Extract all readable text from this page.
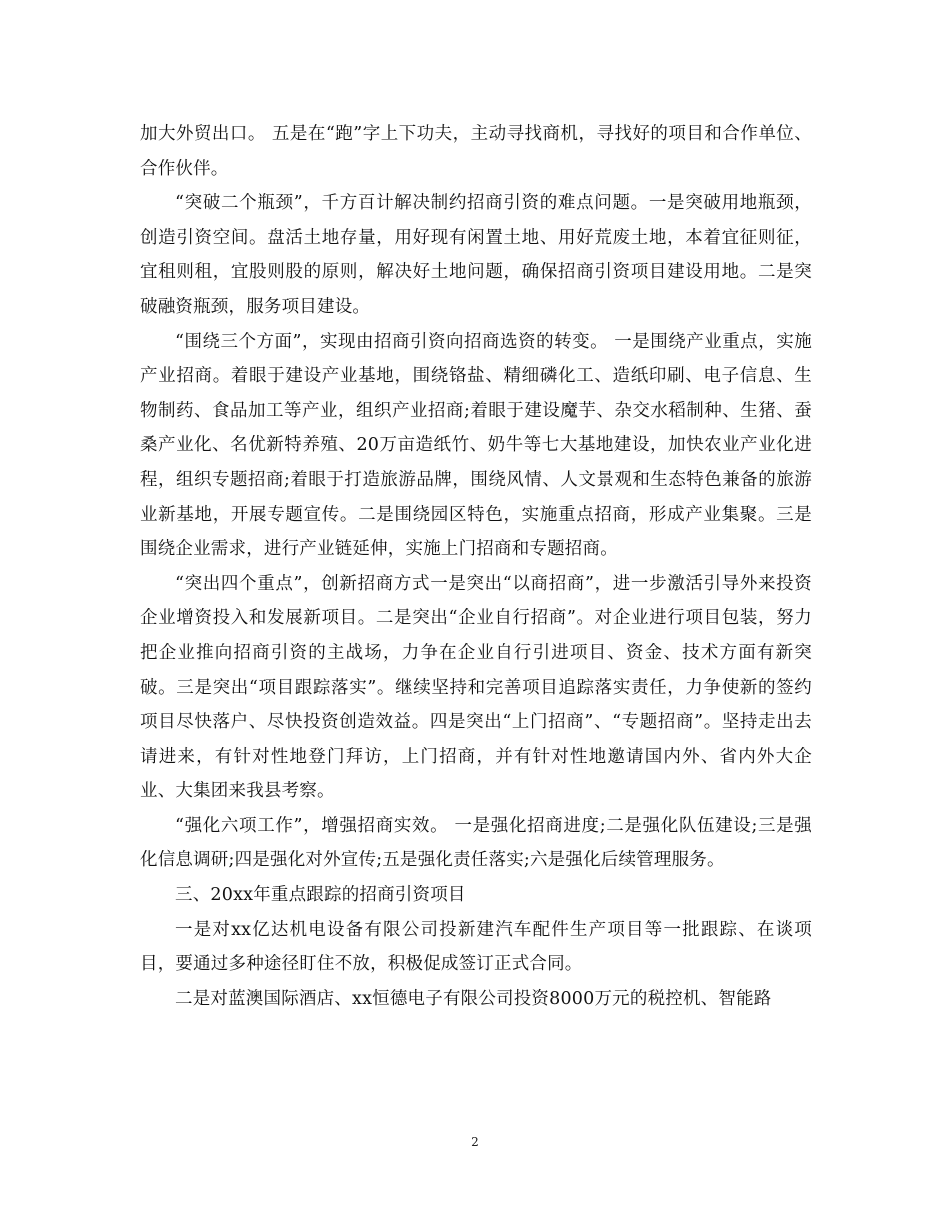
加大外贸出口。 五是在“跑”字上下功夫，主动寻找商机，寻找好的项目和合作单位、合作伙伴。

“突破二个瓶颈”，千方百计解决制约招商引资的难点问题。一是突破用地瓶颈，创造引资空间。盘活土地存量，用好现有闲置土地、用好荒废土地，本着宜征则征，宜租则租，宜股则股的原则，解决好土地问题，确保招商引资项目建设用地。二是突破融资瓶颈，服务项目建设。

“围绕三个方面”，实现由招商引资向招商选资的转变。 一是围绕产业重点，实施产业招商。着眼于建设产业基地，围绕铬盐、精细磷化工、造纸印刷、电子信息、生物制药、食品加工等产业，组织产业招商;着眼于建设魔芋、杂交水稻制种、生猪、蚕桑产业化、名优新特养殖、20万亩造纸竹、奶牛等七大基地建设，加快农业产业化进程，组织专题招商;着眼于打造旅游品牌，围绕风情、人文景观和生态特色兼备的旅游业新基地，开展专题宣传。二是围绕园区特色，实施重点招商，形成产业集聚。三是围绕企业需求，进行产业链延伸，实施上门招商和专题招商。

“突出四个重点”，创新招商方式一是突出“以商招商”，进一步激活引导外来投资企业增资投入和发展新项目。二是突出“企业自行招商”。对企业进行项目包装，努力把企业推向招商引资的主战场，力争在企业自行引进项目、资金、技术方面有新突破。三是突出“项目跟踪落实”。继续坚持和完善项目追踪落实责任，力争使新的签约项目尽快落户、尽快投资创造效益。四是突出“上门招商”、“专题招商”。坚持走出去请进来，有针对性地登门拜访，上门招商，并有针对性地邀请国内外、省内外大企业、大集团来我县考察。

“强化六项工作”，增强招商实效。 一是强化招商进度;二是强化队伍建设;三是强化信息调研;四是强化对外宣传;五是强化责任落实;六是强化后续管理服务。

三、20xx年重点跟踪的招商引资项目

一是对xx亿达机电设备有限公司投新建汽车配件生产项目等一批跟踪、在谈项目，要通过多种途径盯住不放，积极促成签订正式合同。

二是对蓝澳国际酒店、xx恒德电子有限公司投资8000万元的税控机、智能路

2
